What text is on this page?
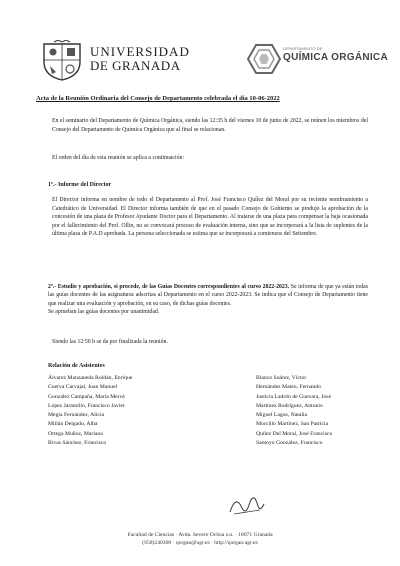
UNIVERSIDAD
DE GRANADA
DEPARTAMENTO DE
QUÍMICA ORGÁNICA
Acta de la Reunión Ordinaria del Consejo de Departamento celebrada el día 10-06-2022
En el seminario del Departamento de Química Orgánica, siendo las 12:35 h del viernes 10 de junio de 2022, se reúnen los miembros del Consejo del Departamento de Química Orgánica que al final se relacionan.
El orden del día de esta reunión se aplica a continuación:
1º.- Informe del Director
El Director informa en nombre de todo el Departamento al Prof. José Francisco Quílez del Moral por su reciente nombramiento a Catedrático de Universidad. El Director informa también de que en el pasado Consejo de Gobierno se produjo la aprobación de la concesión de una plaza de Profesor Ayudante Doctor para el Departamento. Al tratarse de una plaza para compensar la baja ocasionada por el fallecimiento del Prof. Ollin, no se convocará proceso de evaluación interna, sino que se incorporará a la lista de suplentes de la última plaza de P.A.D aprobada. La persona seleccionada se estima que se incorporará a comienzos del Setiembre.
2º.- Estudio y aprobación, si procede, de las Guías Docentes correspondientes al curso 2022-2023. Se informa de que ya están todas las guías docentes de las asignaturas adscritas al Departamento en el curso 2022-2023. Se indica que el Consejo de Departamento tiene que realizar una evaluación y aprobación, en su caso, de dichas guías docentes.
Se aprueban las guías docentes por unanimidad.
Siendo las 12:50 h se da por finalizada la reunión.
Relación de Asistentes
Álvarez Manzaneda Roldán, Enrique
Cuerva Carvajal, Juan Manuel
González Campaña, María Mercè
López Jaramillo, Francisco Javier
Megía Fernández, Alicia
Millán Delgado, Alba
Ortega Muñoz, Mariano
Rivas Sánchez, Francisco
Blanco Suárez, Víctor
Hernández Mateo, Fernando
Justicia Ladrón de Guevara, José
Martínez Rodríguez, Antonio
Miguel Lagos, Natalia
Morcillo Martínez, San Patricia
Quílez Del Moral, José Francisco
Santoyo González, Francisco
Facultad de Ciencias · Avda. Severo Ochoa s.n. · 18071 Granada
(958)240300 · qorgan@ugr.es · http://qorgan.ugr.es
